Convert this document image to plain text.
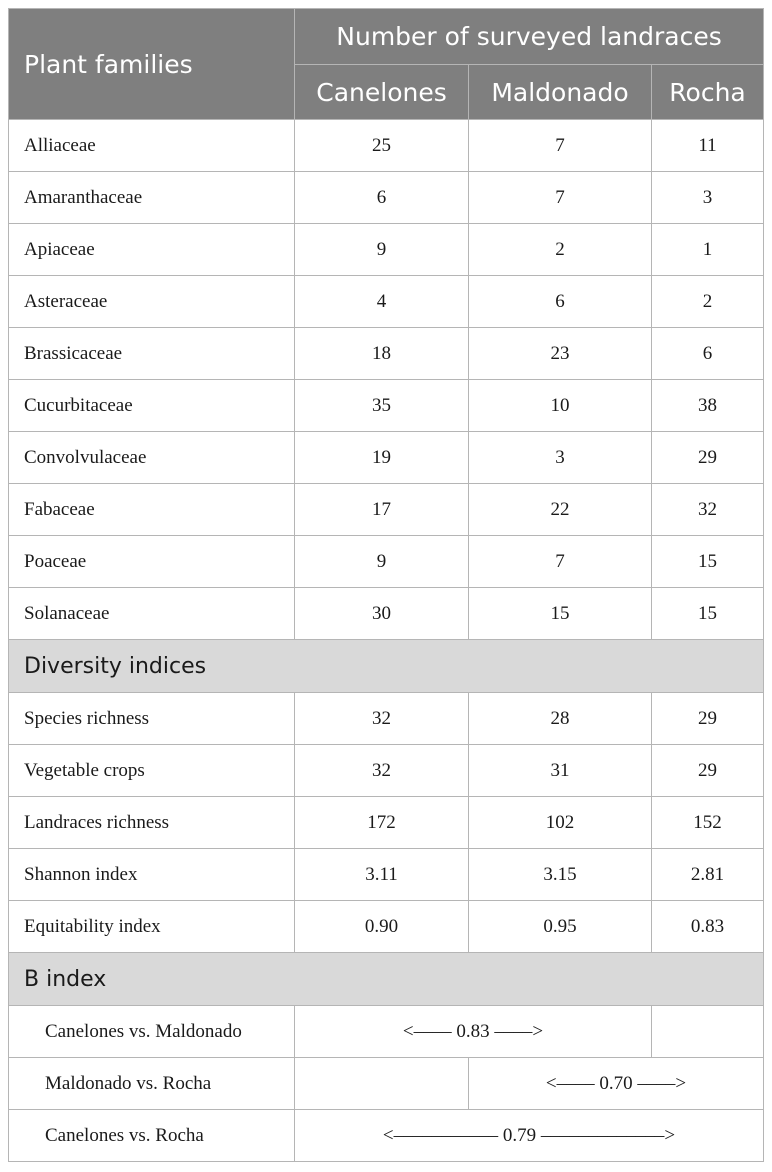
Plant families	Number of surveyed landraces		
	Canelones	Maldonado	Rocha
Alliaceae	25	7	11
Amaranthaceae	6	7	3
Apiaceae	9	2	1
Asteraceae	4	6	2
Brassicaceae	18	23	6
Cucurbitaceae	35	10	38
Convolvulaceae	19	3	29
Fabaceae	17	22	32
Poaceae	9	7	15
Solanaceae	30	15	15
Diversity indices			
Species richness	32	28	29
Vegetable crops	32	31	29
Landraces richness	172	102	152
Shannon index	3.11	3.15	2.81
Equitability index	0.90	0.95	0.83
B index			
Canelones vs. Maldonado	<–––– 0.83 ––––>		
Maldonado vs. Rocha		<–––– 0.70 ––––>	
Canelones vs. Rocha	<––––––––––– 0.79 –––––––––––––>		
